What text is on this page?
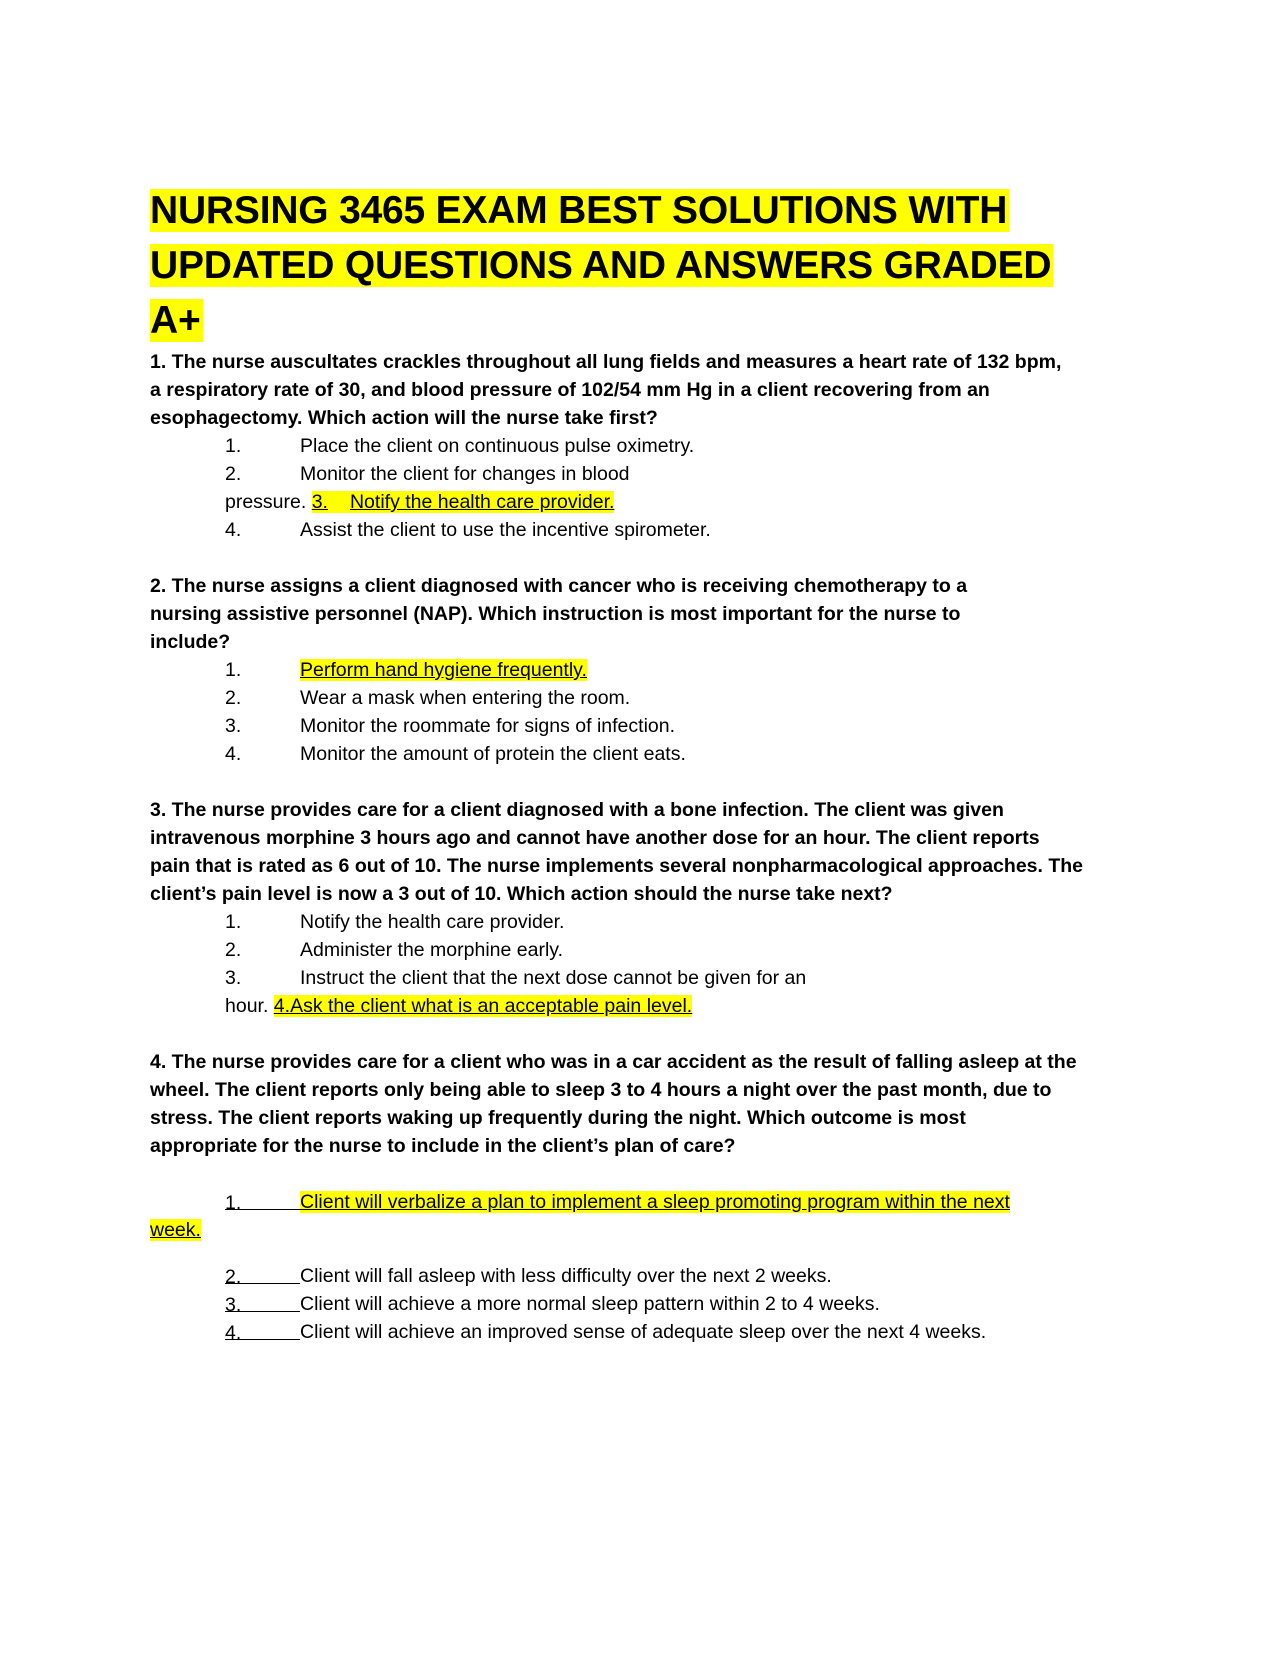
NURSING 3465 EXAM BEST SOLUTIONS WITH
UPDATED QUESTIONS AND ANSWERS GRADED
A+

1. The nurse auscultates crackles throughout all lung fields and measures a heart rate of 132 bpm,
a respiratory rate of 30, and blood pressure of 102/54 mm Hg in a client recovering from an
esophagectomy. Which action will the nurse take first?

1.	Place the client on continuous pulse oximetry.
2.	Monitor the client for changes in blood
pressure. 3. Notify the health care provider.
4.	Assist the client to use the incentive spirometer.

2. The nurse assigns a client diagnosed with cancer who is receiving chemotherapy to a
nursing assistive personnel (NAP). Which instruction is most important for the nurse to
include?

1.	Perform hand hygiene frequently.
2.	Wear a mask when entering the room.
3.	Monitor the roommate for signs of infection.
4.	Monitor the amount of protein the client eats.

3. The nurse provides care for a client diagnosed with a bone infection. The client was given
intravenous morphine 3 hours ago and cannot have another dose for an hour. The client reports
pain that is rated as 6 out of 10. The nurse implements several nonpharmacological approaches. The
client’s pain level is now a 3 out of 10. Which action should the nurse take next?

1.	Notify the health care provider.
2.	Administer the morphine early.
3.	Instruct the client that the next dose cannot be given for an
hour. 4.Ask the client what is an acceptable pain level.

4. The nurse provides care for a client who was in a car accident as the result of falling asleep at the
wheel. The client reports only being able to sleep 3 to 4 hours a night over the past month, due to
stress. The client reports waking up frequently during the night. Which outcome is most
appropriate for the nurse to include in the client’s plan of care?

1.	Client will verbalize a plan to implement a sleep promoting program within the next
week.
2.	Client will fall asleep with less difficulty over the next 2 weeks.
3.	Client will achieve a more normal sleep pattern within 2 to 4 weeks.
4.	Client will achieve an improved sense of adequate sleep over the next 4 weeks.
